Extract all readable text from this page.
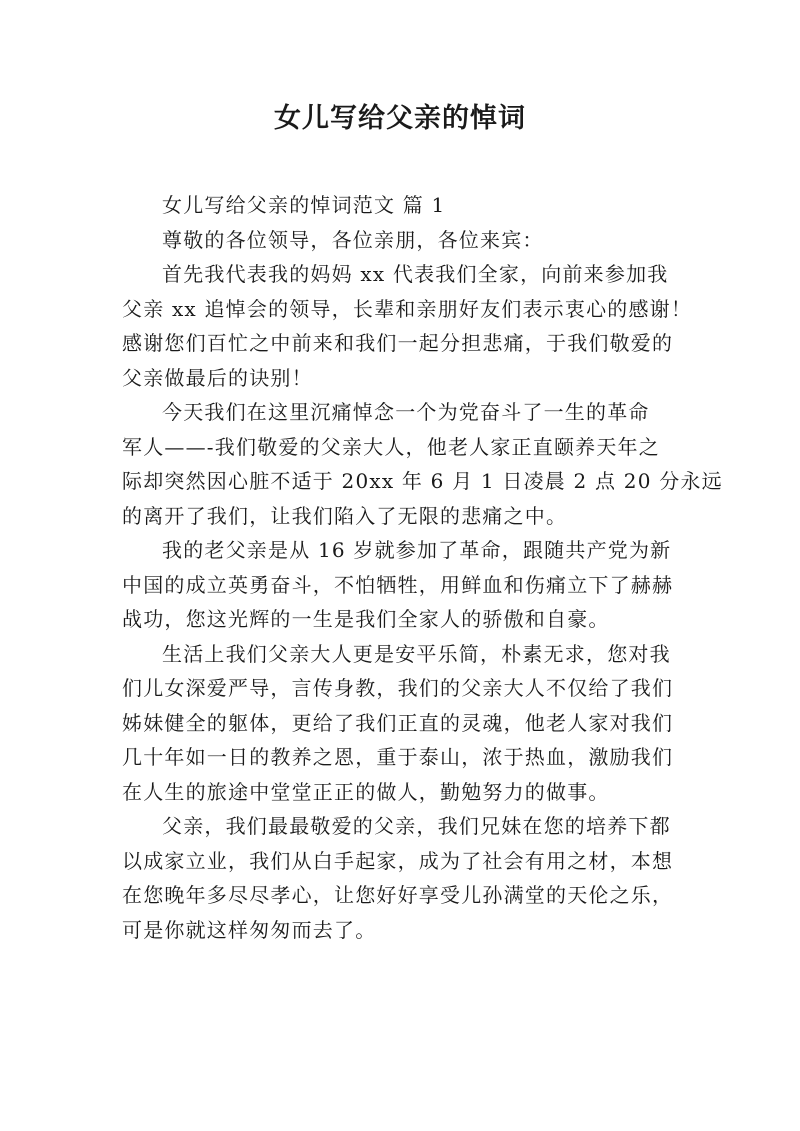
女儿写给父亲的悼词
女儿写给父亲的悼词范文 篇 1
尊敬的各位领导，各位亲朋，各位来宾：
首先我代表我的妈妈 xx 代表我们全家，向前来参加我
父亲 xx 追悼会的领导，长辈和亲朋好友们表示衷心的感谢！
感谢您们百忙之中前来和我们一起分担悲痛，于我们敬爱的
父亲做最后的诀别！
今天我们在这里沉痛悼念一个为党奋斗了一生的革命
军人——-我们敬爱的父亲大人，他老人家正直颐养天年之
际却突然因心脏不适于 20xx 年 6 月 1 日凌晨 2 点 20 分永远
的离开了我们，让我们陷入了无限的悲痛之中。
我的老父亲是从 16 岁就参加了革命，跟随共产党为新
中国的成立英勇奋斗，不怕牺牲，用鲜血和伤痛立下了赫赫
战功，您这光辉的一生是我们全家人的骄傲和自豪。
生活上我们父亲大人更是安平乐简，朴素无求，您对我
们儿女深爱严导，言传身教，我们的父亲大人不仅给了我们
姊妹健全的躯体，更给了我们正直的灵魂，他老人家对我们
几十年如一日的教养之恩，重于泰山，浓于热血，激励我们
在人生的旅途中堂堂正正的做人，勤勉努力的做事。
父亲，我们最最敬爱的父亲，我们兄妹在您的培养下都
以成家立业，我们从白手起家，成为了社会有用之材，本想
在您晚年多尽尽孝心，让您好好享受儿孙满堂的天伦之乐，
可是你就这样匆匆而去了。
